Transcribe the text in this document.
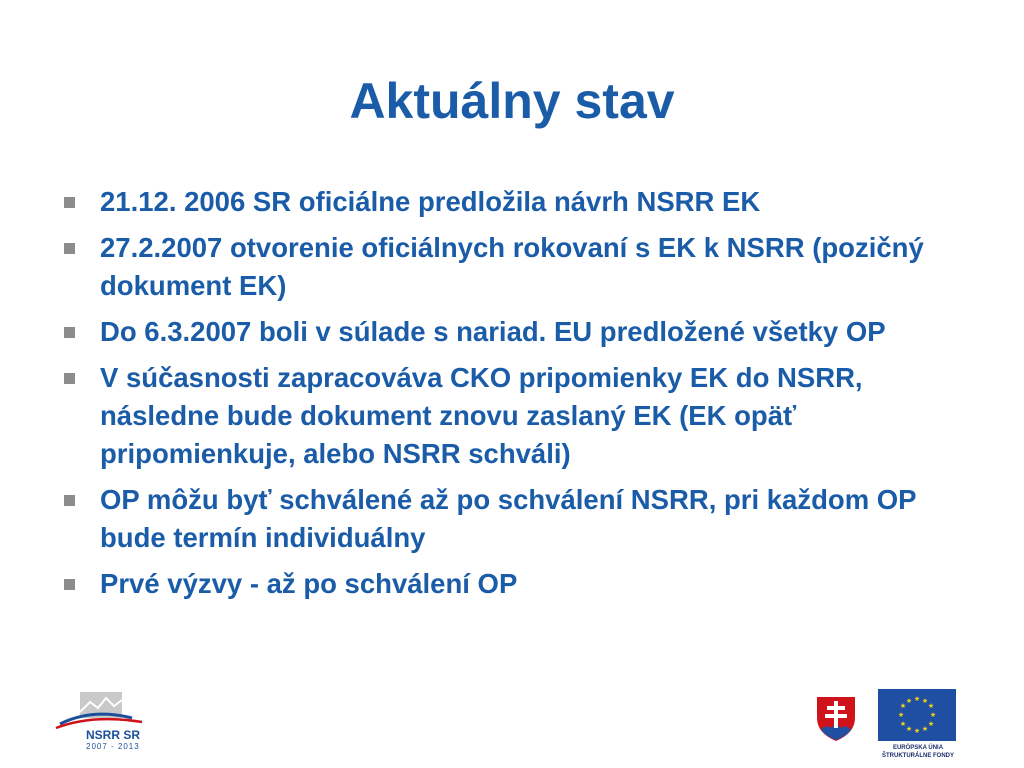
Aktuálny stav
21.12. 2006 SR oficiálne predložila návrh NSRR EK
27.2.2007 otvorenie oficiálnych rokovaní s EK k NSRR (pozičný dokument EK)
Do 6.3.2007 boli v súlade s nariad. EU predložené všetky OP
V súčasnosti zapracováva CKO pripomienky EK do NSRR, následne bude dokument znovu zaslaný EK (EK opäť pripomienkuje, alebo NSRR schváli)
OP môžu byť schválené až po schválení NSRR, pri každom OP bude termín individuálny
Prvé výzvy - až po schválení OP
NSRR SR
2007 - 2013
★ ★
★
★
★
★
★
★
★
★
★
★
EURÓPSKA ÚNIA
ŠTRUKTURÁLNE FONDY
